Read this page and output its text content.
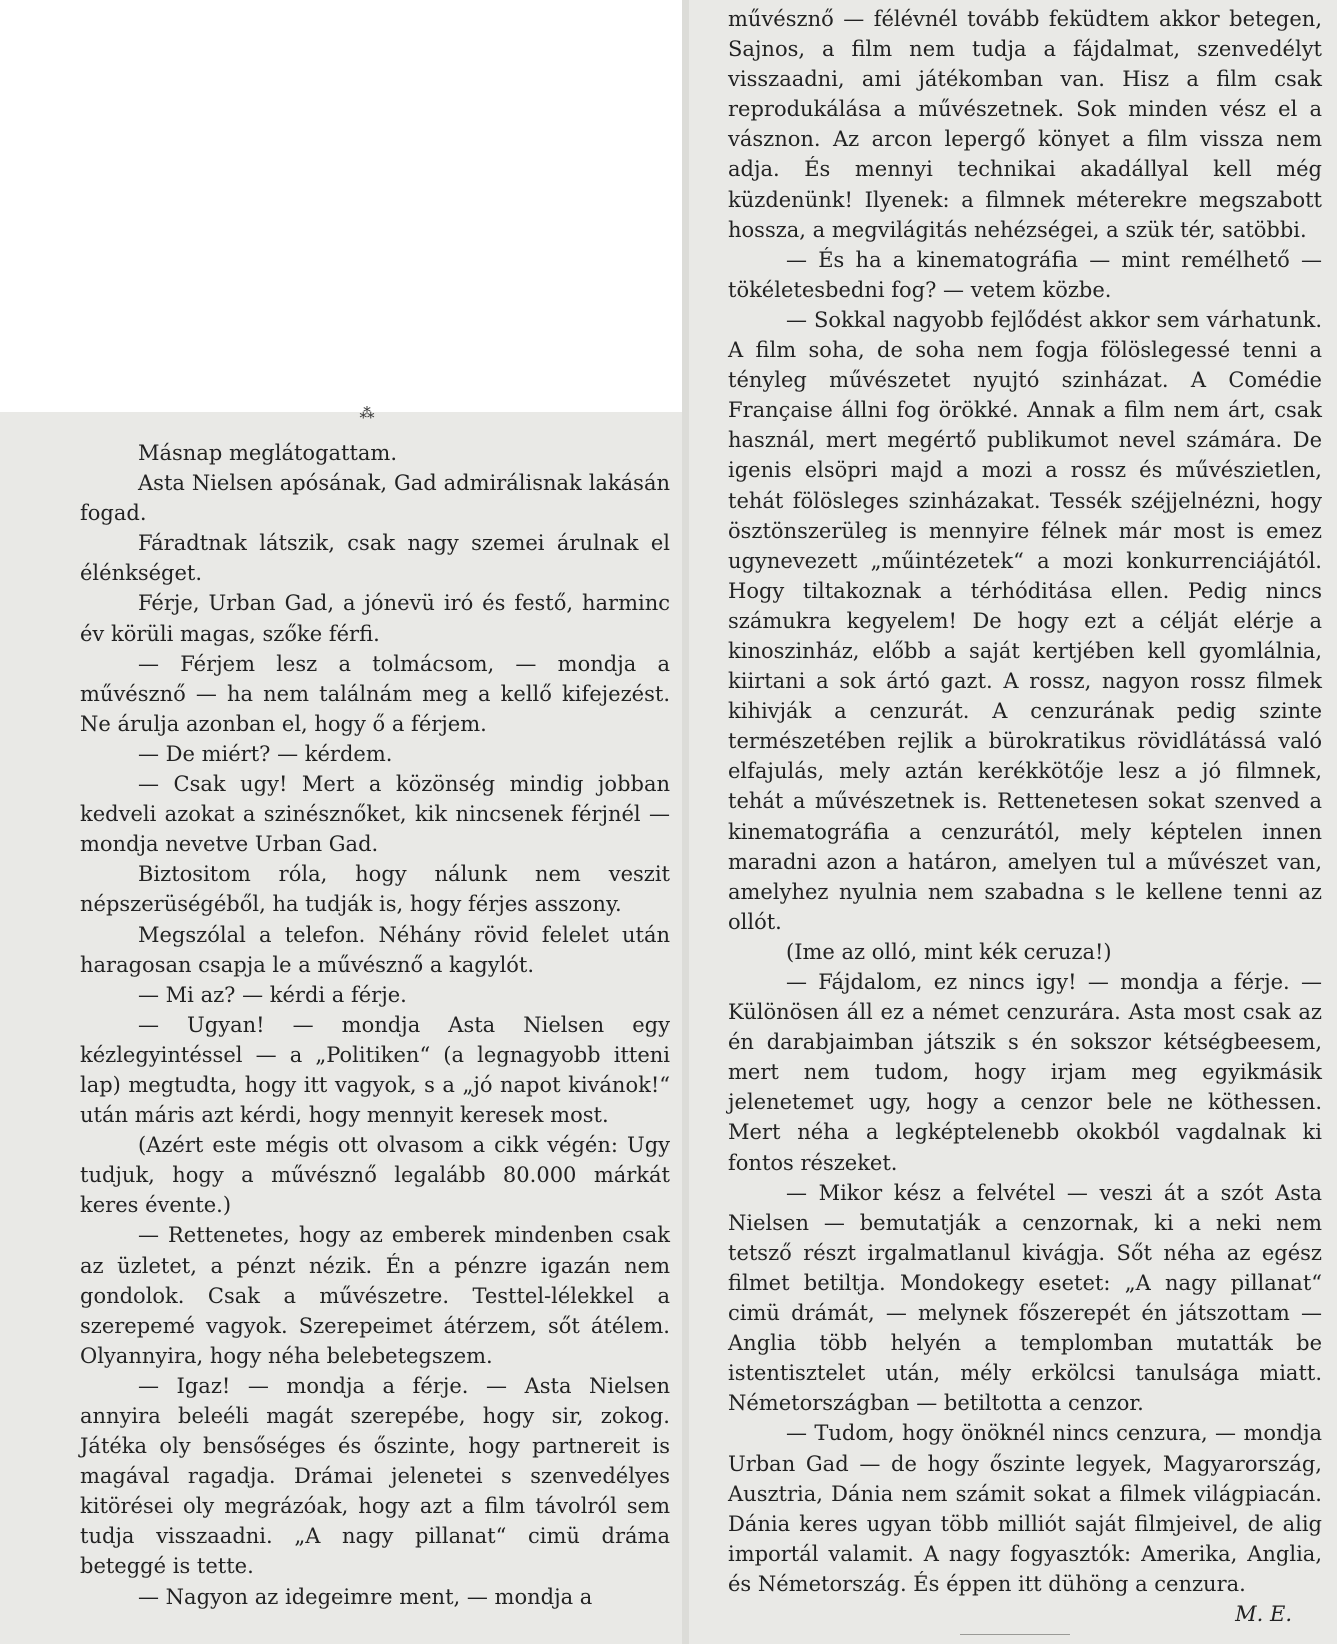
⁂

Másnap meglátogattam.

Asta Nielsen apósának, Gad admirálisnak lakásán fogad.

Fáradtnak látszik, csak nagy szemei árulnak el élénkséget.

Férje, Urban Gad, a jónevü iró és festő, harminc év körüli magas, szőke férfi.

— Férjem lesz a tolmácsom, — mondja a művésznő — ha nem találnám meg a kellő kifejezést. Ne árulja azonban el, hogy ő a férjem.

— De miért? — kérdem.

— Csak ugy! Mert a közönség mindig jobban kedveli azokat a szinésznőket, kik nincsenek férjnél — mondja nevetve Urban Gad.

Biztositom róla, hogy nálunk nem veszit népszerüségéből, ha tudják is, hogy férjes asszony.

Megszólal a telefon. Néhány rövid felelet után haragosan csapja le a művésznő a kagylót.

— Mi az? — kérdi a férje.

— Ugyan! — mondja Asta Nielsen egy kézlegyintéssel — a „Politiken“ (a legnagyobb itteni lap) megtudta, hogy itt vagyok, s a „jó napot kivánok!“ után máris azt kérdi, hogy mennyit keresek most.

(Azért este mégis ott olvasom a cikk végén: Ugy tudjuk, hogy a művésznő legalább 80.000 márkát keres évente.)

— Rettenetes, hogy az emberek mindenben csak az üzletet, a pénzt nézik. Én a pénzre igazán nem gondolok. Csak a művészetre. Testtel-lélekkel a szerepemé vagyok. Szerepeimet átérzem, sőt átélem. Olyannyira, hogy néha belebetegszem.

— Igaz! — mondja a férje. — Asta Nielsen annyira beleéli magát szerepébe, hogy sir, zokog. Játéka oly bensőséges és őszinte, hogy partnereit is magával ragadja. Drámai jelenetei s szenvedélyes kitörései oly megrázóak, hogy azt a film távolról sem tudja visszaadni. „A nagy pillanat“ cimü dráma beteggé is tette.

— Nagyon az idegeimre ment, — mondja a

művésznő — félévnél tovább feküdtem akkor betegen, Sajnos, a film nem tudja a fájdalmat, szenvedélyt visszaadni, ami játékomban van. Hisz a film csak reprodukálása a művészetnek. Sok minden vész el a vásznon. Az arcon lepergő könyet a film vissza nem adja. És mennyi technikai akadállyal kell még küzdenünk! Ilyenek: a filmnek méterekre megszabott hossza, a megvilágitás nehézségei, a szük tér, satöbbi.

— És ha a kinematográfia — mint remélhető — tökéletesbedni fog? — vetem közbe.

— Sokkal nagyobb fejlődést akkor sem várhatunk. A film soha, de soha nem fogja fölöslegessé tenni a tényleg művészetet nyujtó szinházat. A Comédie Française állni fog örökké. Annak a film nem árt, csak használ, mert megértő publikumot nevel számára. De igenis elsöpri majd a mozi a rossz és művészietlen, tehát fölösleges szinházakat. Tessék széjjelnézni, hogy ösztönszerüleg is mennyire félnek már most is emez ugynevezett „műintézetek“ a mozi konkurrenciájától. Hogy tiltakoznak a térhóditása ellen. Pedig nincs számukra kegyelem! De hogy ezt a célját elérje a kinoszinház, előbb a saját kertjében kell gyomlálnia, kiirtani a sok ártó gazt. A rossz, nagyon rossz filmek kihivják a cenzurát. A cenzurának pedig szinte természetében rejlik a bürokratikus rövidlátássá való elfajulás, mely aztán kerékkötője lesz a jó filmnek, tehát a művészetnek is. Rettenetesen sokat szenved a kinematográfia a cenzurától, mely képtelen innen maradni azon a határon, amelyen tul a művészet van, amelyhez nyulnia nem szabadna s le kellene tenni az ollót.

(Ime az olló, mint kék ceruza!)

— Fájdalom, ez nincs igy! — mondja a férje. — Különösen áll ez a német cenzurára. Asta most csak az én darabjaimban játszik s én sokszor kétségbeesem, mert nem tudom, hogy irjam meg egyikmásik jelenetemet ugy, hogy a cenzor bele ne köthessen. Mert néha a legképtelenebb okokból vagdalnak ki fontos részeket.

— Mikor kész a felvétel — veszi át a szót Asta Nielsen — bemutatják a cenzornak, ki a neki nem tetsző részt irgalmatlanul kivágja. Sőt néha az egész filmet betiltja. Mondokegy esetet: „A nagy pillanat“ cimü drámát, — melynek főszerepét én játszottam — Anglia több helyén a templomban mutatták be istentisztelet után, mély erkölcsi tanulsága miatt. Németországban — betiltotta a cenzor.

— Tudom, hogy önöknél nincs cenzura, — mondja Urban Gad — de hogy őszinte legyek, Magyarország, Ausztria, Dánia nem számit sokat a filmek világpiacán. Dánia keres ugyan több milliót saját filmjeivel, de alig importál valamit. A nagy fogyasztók: Amerika, Anglia, és Németország. És éppen itt dühöng a cenzura.
M. E.
